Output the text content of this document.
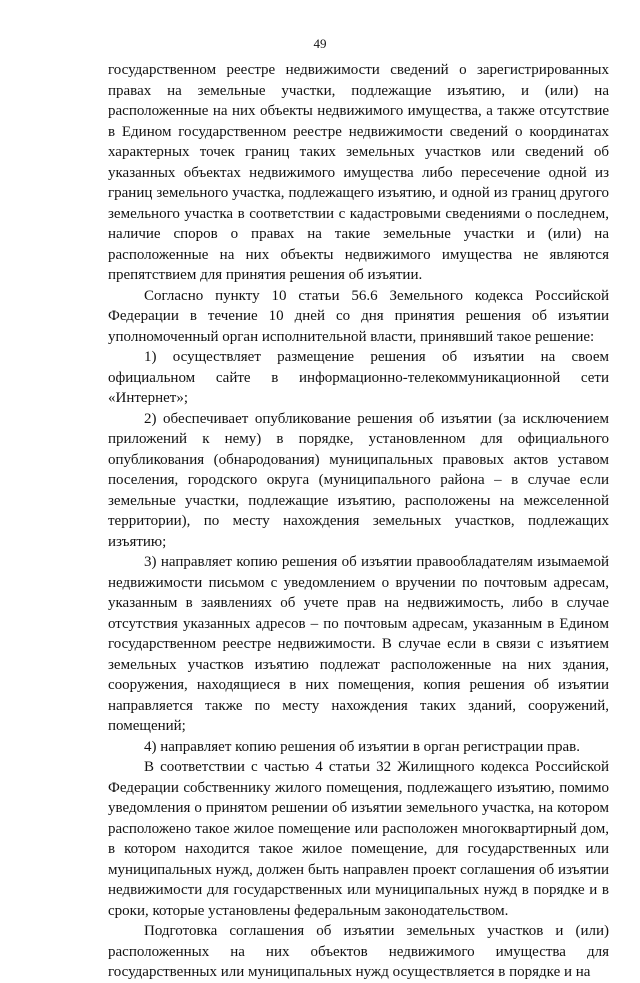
49

государственном реестре недвижимости сведений о зарегистрированных правах на земельные участки, подлежащие изъятию, и (или) на расположенные на них объекты недвижимого имущества, а также отсутствие в Едином государственном реестре недвижимости сведений о координатах характерных точек границ таких земельных участков или сведений об указанных объектах недвижимого имущества либо пересечение одной из границ земельного участка, подлежащего изъятию, и одной из границ другого земельного участка в соответствии с кадастровыми сведениями о последнем, наличие споров о правах на такие земельные участки и (или) на расположенные на них объекты недвижимого имущества не являются препятствием для принятия решения об изъятии.

Согласно пункту 10 статьи 56.6 Земельного кодекса Российской Федерации в течение 10 дней со дня принятия решения об изъятии уполномоченный орган исполнительной власти, принявший такое решение:

1) осуществляет размещение решения об изъятии на своем официальном сайте в информационно-телекоммуникационной сети «Интернет»;

2) обеспечивает опубликование решения об изъятии (за исключением приложений к нему) в порядке, установленном для официального опубликования (обнародования) муниципальных правовых актов уставом поселения, городского округа (муниципального района – в случае если земельные участки, подлежащие изъятию, расположены на межселенной территории), по месту нахождения земельных участков, подлежащих изъятию;

3) направляет копию решения об изъятии правообладателям изымаемой недвижимости письмом с уведомлением о вручении по почтовым адресам, указанным в заявлениях об учете прав на недвижимость, либо в случае отсутствия указанных адресов – по почтовым адресам, указанным в Едином государственном реестре недвижимости. В случае если в связи с изъятием земельных участков изъятию подлежат расположенные на них здания, сооружения, находящиеся в них помещения, копия решения об изъятии направляется также по месту нахождения таких зданий, сооружений, помещений;

4) направляет копию решения об изъятии в орган регистрации прав.

В соответствии с частью 4 статьи 32 Жилищного кодекса Российской Федерации собственнику жилого помещения, подлежащего изъятию, помимо уведомления о принятом решении об изъятии земельного участка, на котором расположено такое жилое помещение или расположен многоквартирный дом, в котором находится такое жилое помещение, для государственных или муниципальных нужд, должен быть направлен проект соглашения об изъятии недвижимости для государственных или муниципальных нужд в порядке и в сроки, которые установлены федеральным законодательством.

Подготовка соглашения об изъятии земельных участков и (или) расположенных на них объектов недвижимого имущества для государственных или муниципальных нужд осуществляется в порядке и на
